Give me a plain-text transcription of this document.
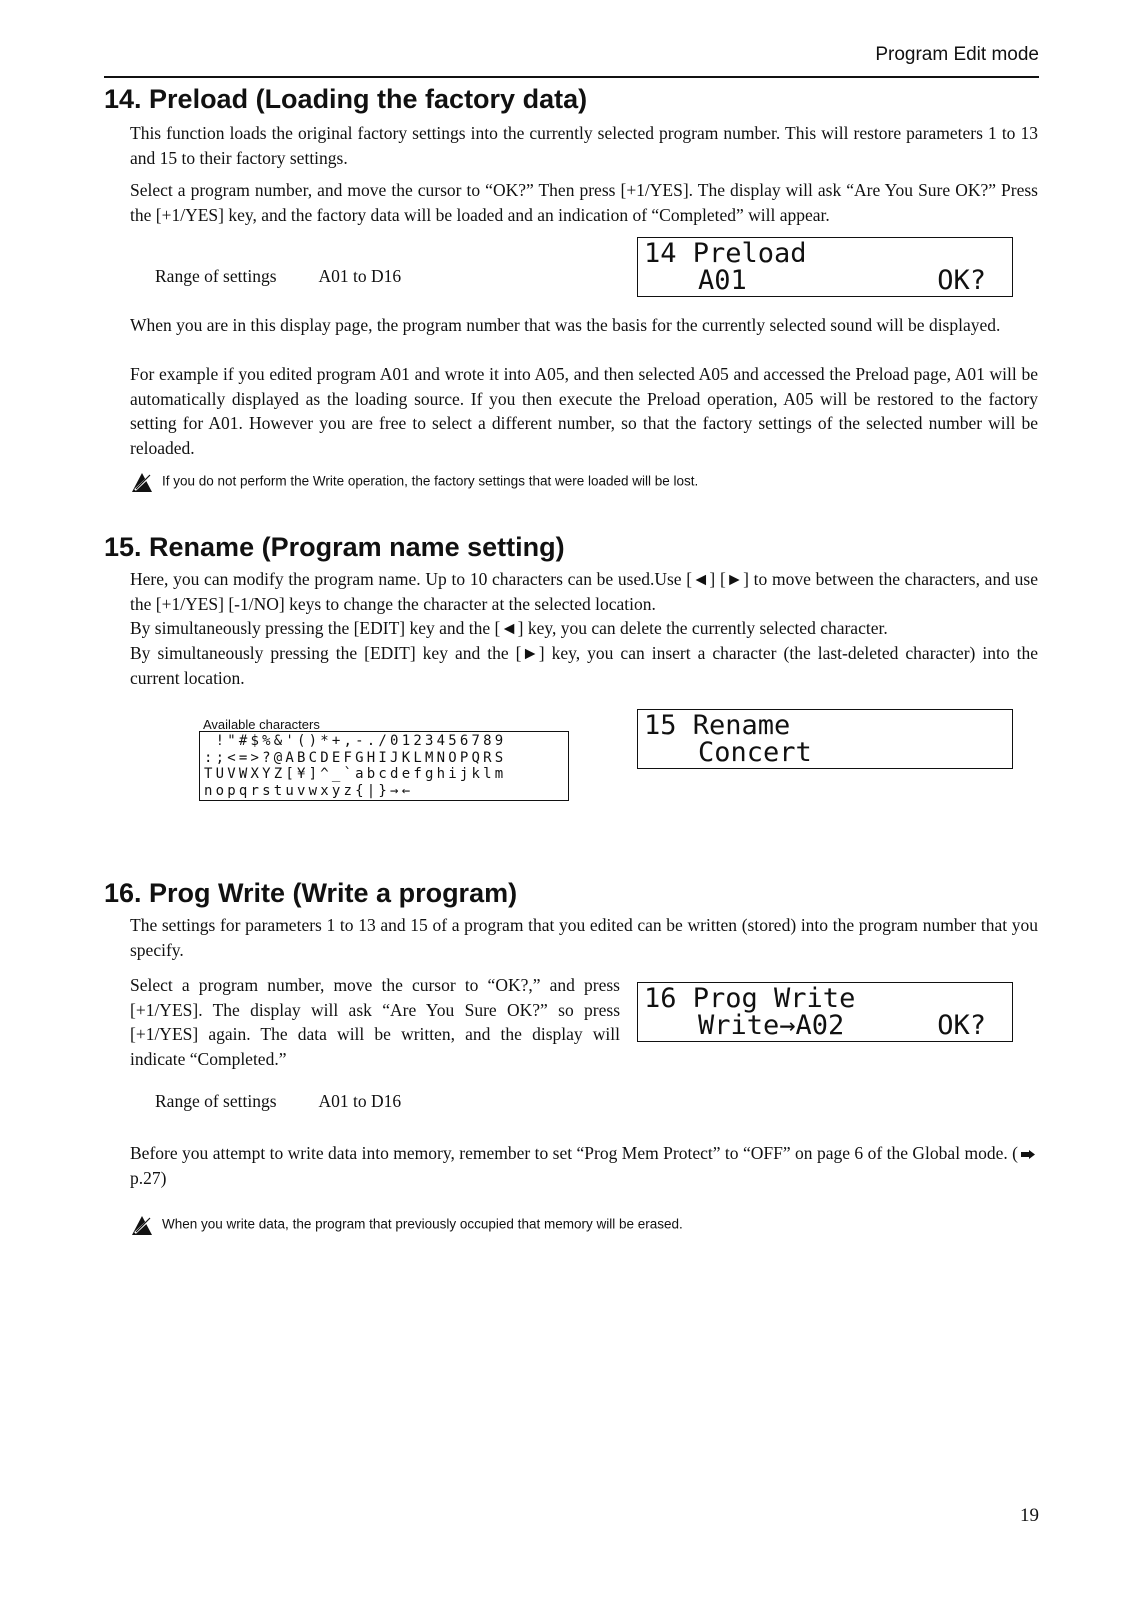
Program Edit mode
14. Preload (Loading the factory data)

This function loads the original factory settings into the currently selected program number. This will restore parameters 1 to 13 and 15 to their factory settings.

Select a program number, and move the cursor to “OK?” Then press [+1/YES]. The display will ask “Are You Sure OK?” Press the [+1/YES] key, and the factory data will be loaded and an indication of “Completed” will appear.

Range of settings A01 to D16
14 Preload
A01	OK?

When you are in this display page, the program number that was the basis for the currently selected sound will be displayed.

For example if you edited program A01 and wrote it into A05, and then selected A05 and accessed the Preload page, A01 will be automatically displayed as the loading source. If you then execute the Preload operation, A05 will be restored to the factory setting for A01. However you are free to select a different number, so that the factory settings of the selected number will be reloaded.

If you do not perform the Write operation, the factory settings that were loaded will be lost.
15. Rename (Program name setting)

Here, you can modify the program name. Up to 10 characters can be used.Use [◄] [►] to move between the characters, and use the [+1/YES] [-1/NO] keys to change the character at the selected location.

By simultaneously pressing the [EDIT] key and the [◄] key, you can delete the currently selected character.

By simultaneously pressing the [EDIT] key and the [►] key, you can insert a character (the last-deleted character) into the current location.

Available characters
!"#$%&'()*+,-./0123456789
:;<=>?@ABCDEFGHIJKLMNOPQRS
TUVWXYZ[¥]^_`abcdefghijklm
nopqrstuvwxyz{|}→←
15 Rename
Concert
16. Prog Write (Write a program)

The settings for parameters 1 to 13 and 15 of a program that you edited can be written (stored) into the program number that you specify.

Select a program number, move the cursor to “OK?,” and press [+1/YES]. The display will ask “Are You Sure OK?” so press [+1/YES] again. The data will be written, and the display will indicate “Completed.”

16 Prog Write
Write→A02	OK?
Range of settings A01 to D16

Before you attempt to write data into memory, remember to set “Prog Mem Protect” to “OFF” on page 6 of the Global mode. ( p.27)

When you write data, the program that previously occupied that memory will be erased.
19
